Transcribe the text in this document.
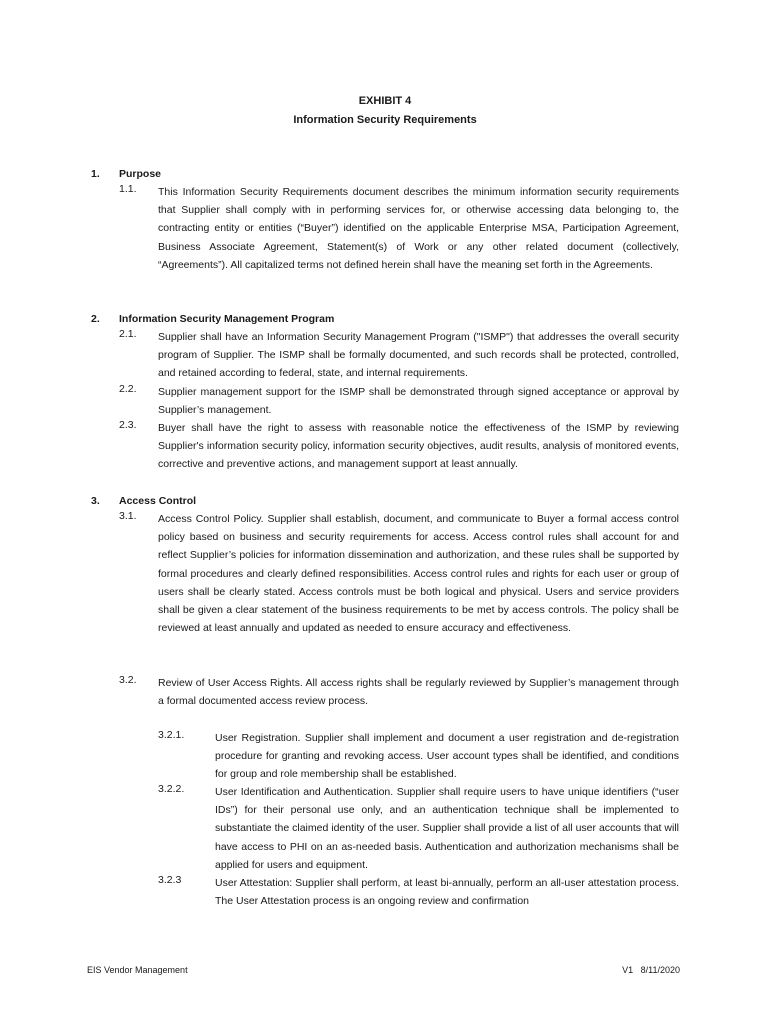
EXHIBIT 4
Information Security Requirements
1. Purpose
1.1. This Information Security Requirements document describes the minimum information security requirements that Supplier shall comply with in performing services for, or otherwise accessing data belonging to, the contracting entity or entities (“Buyer”) identified on the applicable Enterprise MSA, Participation Agreement, Business Associate Agreement, Statement(s) of Work or any other related document (collectively, “Agreements”). All capitalized terms not defined herein shall have the meaning set forth in the Agreements.
2. Information Security Management Program
2.1. Supplier shall have an Information Security Management Program ("ISMP") that addresses the overall security program of Supplier. The ISMP shall be formally documented, and such records shall be protected, controlled, and retained according to federal, state, and internal requirements.
2.2. Supplier management support for the ISMP shall be demonstrated through signed acceptance or approval by Supplier’s management.
2.3. Buyer shall have the right to assess with reasonable notice the effectiveness of the ISMP by reviewing Supplier's information security policy, information security objectives, audit results, analysis of monitored events, corrective and preventive actions, and management support at least annually.
3. Access Control
3.1. Access Control Policy. Supplier shall establish, document, and communicate to Buyer a formal access control policy based on business and security requirements for access. Access control rules shall account for and reflect Supplier’s policies for information dissemination and authorization, and these rules shall be supported by formal procedures and clearly defined responsibilities. Access control rules and rights for each user or group of users shall be clearly stated. Access controls must be both logical and physical. Users and service providers shall be given a clear statement of the business requirements to be met by access controls. The policy shall be reviewed at least annually and updated as needed to ensure accuracy and effectiveness.
3.2. Review of User Access Rights. All access rights shall be regularly reviewed by Supplier’s management through a formal documented access review process.
3.2.1.	User Registration. Supplier shall implement and document a user registration and de-registration procedure for granting and revoking access. User account types shall be identified, and conditions for group and role membership shall be established.
3.2.2.	User Identification and Authentication. Supplier shall require users to have unique identifiers (“user IDs”) for their personal use only, and an authentication technique shall be implemented to substantiate the claimed identity of the user. Supplier shall provide a list of all user accounts that will have access to PHI on an as-needed basis. Authentication and authorization mechanisms shall be applied for users and equipment.
3.2.3	User Attestation: Supplier shall perform, at least bi-annually, perform an all-user attestation process. The User Attestation process is an ongoing review and confirmation
EIS Vendor Management	V1   8/11/2020
